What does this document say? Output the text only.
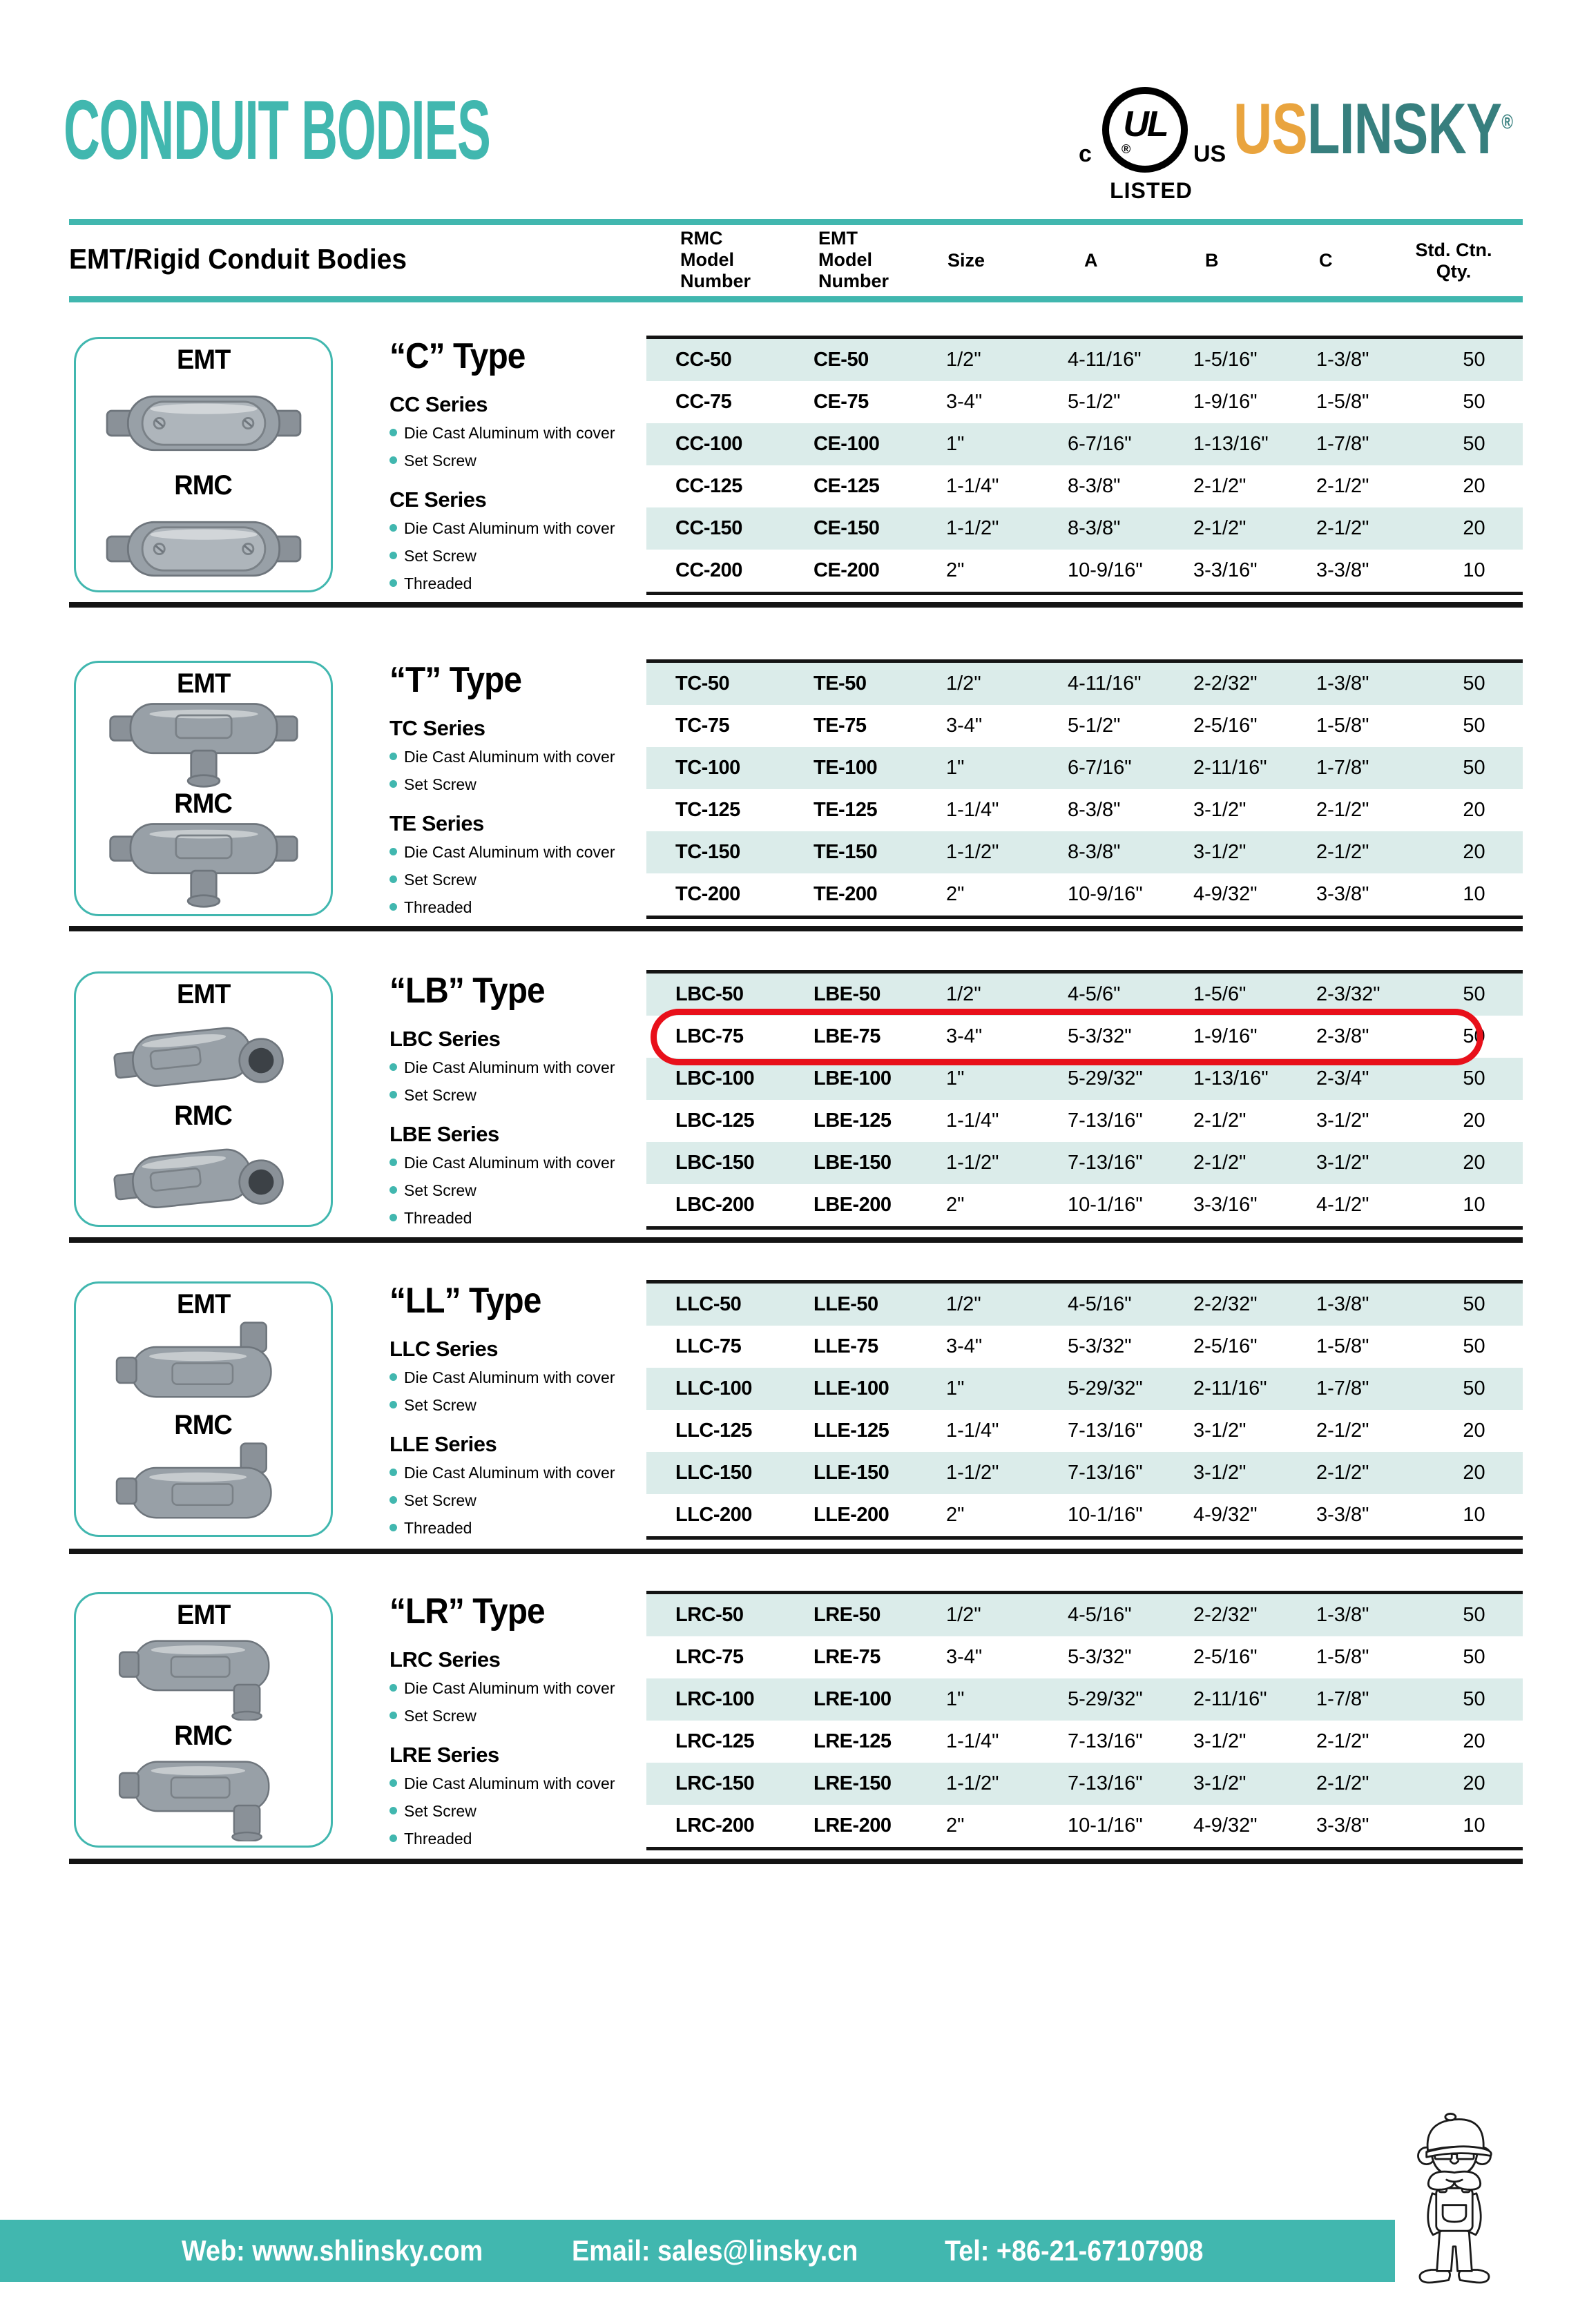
CONDUIT BODIES	c
UL
®	US
LISTED
USLINSKY®
EMT/Rigid Conduit Bodies
RMC
Model
Number
EMT
Model
Number
Size	A	B	C	Std. Ctn.
Qty.
EMT
RMC
“C” Type
CC Series
Die Cast Aluminum with cover
Set Screw
CE Series
Die Cast Aluminum with cover
Set Screw
Threaded
CC-50	CE-50	1/2"	4-11/16"	1-5/16"	1-3/8"	50
CC-75	CE-75	3-4"	5-1/2"	1-9/16"	1-5/8"	50
CC-100	CE-100	1"	6-7/16"	1-13/16"	1-7/8"	50
CC-125	CE-125	1-1/4"	8-3/8"	2-1/2"	2-1/2"	20
CC-150	CE-150	1-1/2"	8-3/8"	2-1/2"	2-1/2"	20
CC-200	CE-200	2"	10-9/16"	3-3/16"	3-3/8"	10
EMT
RMC
“T” Type
TC Series
Die Cast Aluminum with cover
Set Screw
TE Series
Die Cast Aluminum with cover
Set Screw
Threaded
TC-50	TE-50	1/2"	4-11/16"	2-2/32"	1-3/8"	50
TC-75	TE-75	3-4"	5-1/2"	2-5/16"	1-5/8"	50
TC-100	TE-100	1"	6-7/16"	2-11/16"	1-7/8"	50
TC-125	TE-125	1-1/4"	8-3/8"	3-1/2"	2-1/2"	20
TC-150	TE-150	1-1/2"	8-3/8"	3-1/2"	2-1/2"	20
TC-200	TE-200	2"	10-9/16"	4-9/32"	3-3/8"	10
EMT
RMC
“LB” Type
LBC Series
Die Cast Aluminum with cover
Set Screw
LBE Series
Die Cast Aluminum with cover
Set Screw
Threaded
LBC-50	LBE-50	1/2"	4-5/6"	1-5/6"	2-3/32"	50
LBC-75	LBE-75	3-4"	5-3/32"	1-9/16"	2-3/8"	50
LBC-100	LBE-100	1"	5-29/32"	1-13/16"	2-3/4"	50
LBC-125	LBE-125	1-1/4"	7-13/16"	2-1/2"	3-1/2"	20
LBC-150	LBE-150	1-1/2"	7-13/16"	2-1/2"	3-1/2"	20
LBC-200	LBE-200	2"	10-1/16"	3-3/16"	4-1/2"	10
EMT
RMC
“LL” Type
LLC Series
Die Cast Aluminum with cover
Set Screw
LLE Series
Die Cast Aluminum with cover
Set Screw
Threaded
LLC-50	LLE-50	1/2"	4-5/16"	2-2/32"	1-3/8"	50
LLC-75	LLE-75	3-4"	5-3/32"	2-5/16"	1-5/8"	50
LLC-100	LLE-100	1"	5-29/32"	2-11/16"	1-7/8"	50
LLC-125	LLE-125	1-1/4"	7-13/16"	3-1/2"	2-1/2"	20
LLC-150	LLE-150	1-1/2"	7-13/16"	3-1/2"	2-1/2"	20
LLC-200	LLE-200	2"	10-1/16"	4-9/32"	3-3/8"	10
EMT
RMC
“LR” Type
LRC Series
Die Cast Aluminum with cover
Set Screw
LRE Series
Die Cast Aluminum with cover
Set Screw
Threaded
LRC-50	LRE-50	1/2"	4-5/16"	2-2/32"	1-3/8"	50
LRC-75	LRE-75	3-4"	5-3/32"	2-5/16"	1-5/8"	50
LRC-100	LRE-100	1"	5-29/32"	2-11/16"	1-7/8"	50
LRC-125	LRE-125	1-1/4"	7-13/16"	3-1/2"	2-1/2"	20
LRC-150	LRE-150	1-1/2"	7-13/16"	3-1/2"	2-1/2"	20
LRC-200	LRE-200	2"	10-1/16"	4-9/32"	3-3/8"	10
Web: www.shlinsky.com	Email: sales@linsky.cn	Tel: +86-21-67107908
